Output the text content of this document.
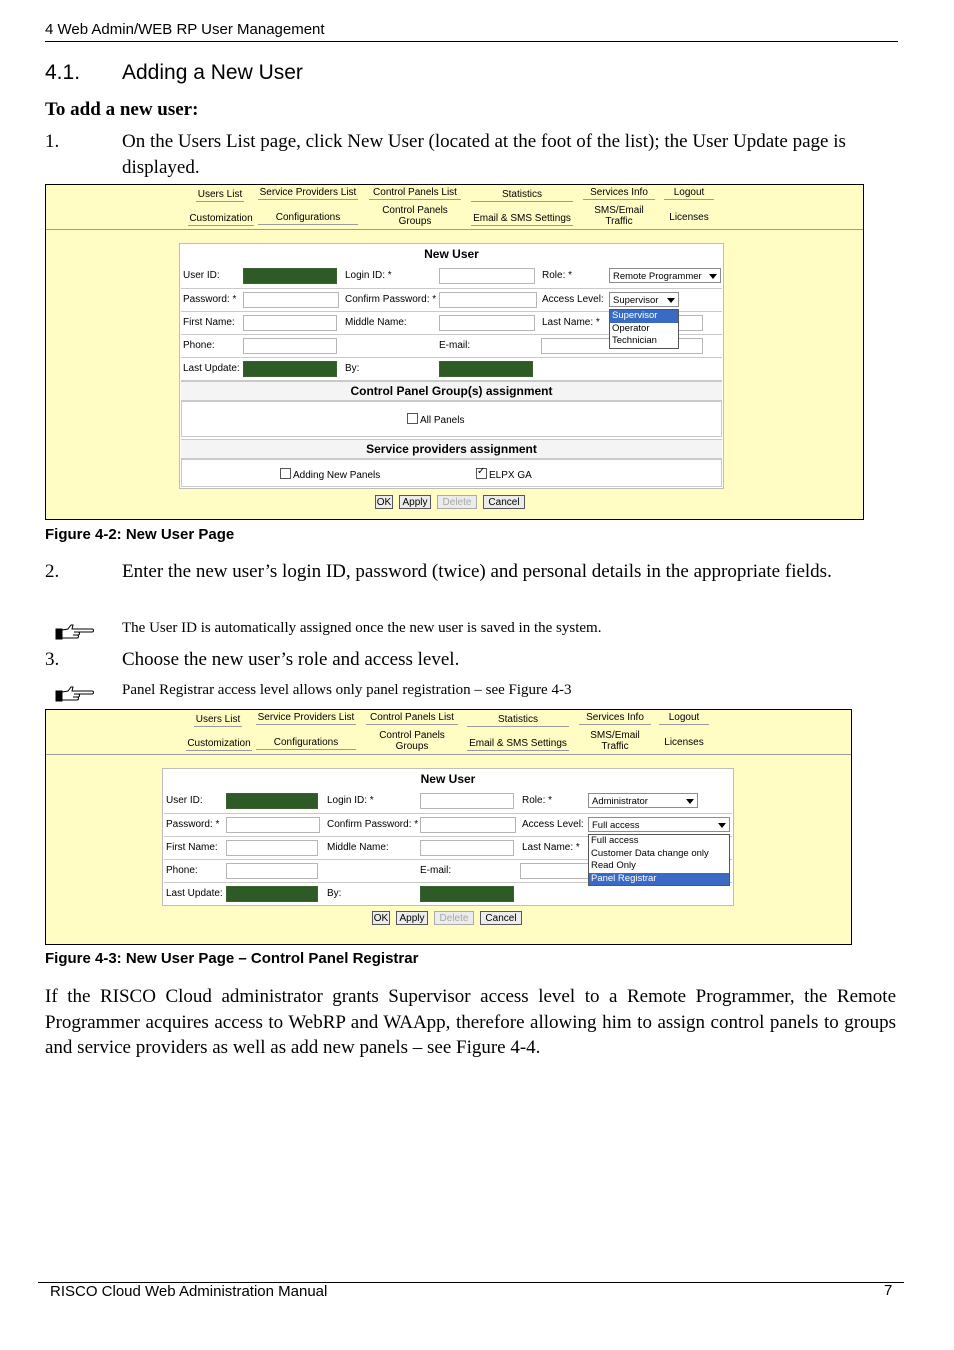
4 Web Admin/WEB RP User Management
4.1. Adding a New User
To add a new user:
1.	On the Users List page, click New User (located at the foot of the list); the User Update page is displayed.
Users List Service Providers List	Control Panels List	Statistics	Services Info	Logout
Customization	Configurations
Control Panels
Groups	Email & SMS Settings
SMS/Email
Traffic	Licenses
New User
User ID:	Login ID: *	Role: *	Remote Programmer
Password: *	Confirm Password: *	Access Level: Supervisor
First Name:	Middle Name:	Last Name: *
Phone:	E-mail:
Last Update:	By:
Supervisor
Operator
Technician
Control Panel Group(s) assignment
All Panels
Service providers assignment
Adding New Panels
✓	ELPX GA
OK	Apply	Delete	Cancel
Figure 4-2: New User Page
2.	Enter the new user’s login ID, password (twice) and personal details in the appropriate fields.
The User ID is automatically assigned once the new user is saved in the system.
3.	Choose the new user’s role and access level.
Panel Registrar access level allows only panel registration – see Figure 4-3
Users List Service Providers List	Control Panels List	Statistics	Services Info	Logout
Customization	Configurations
Control Panels
Groups	Email & SMS Settings
SMS/Email
Traffic	Licenses
New User
User ID:	Login ID: *	Role: *	Administrator
Password: *	Confirm Password: *	Access Level: Full access
First Name:	Middle Name:	Last Name: *
Phone:	E-mail:
Last Update:	By:
Full access
Customer Data change only
Read Only
Panel Registrar
OK	Apply	Delete	Cancel
Figure 4-3: New User Page – Control Panel Registrar
If the RISCO Cloud administrator grants Supervisor access level to a Remote Programmer, the Remote Programmer acquires access to WebRP and WAApp, therefore allowing him to assign control panels to groups and service providers as well as add new panels – see Figure 4-4.
RISCO Cloud Web Administration Manual	7
